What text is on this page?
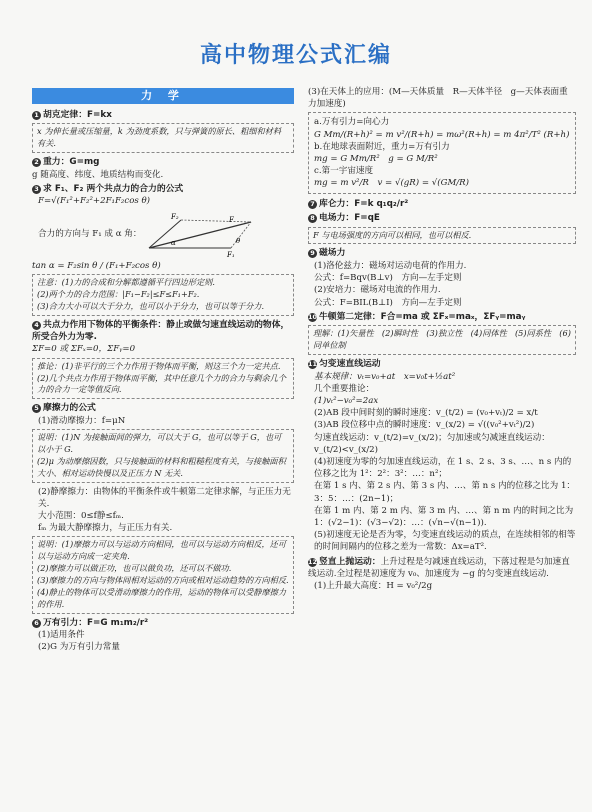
高中物理公式汇编
力 学
1 胡克定律：F=kx
x 为伸长量或压缩量，k 为劲度系数，只与弹簧的原长、粗细和材料有关.
2 重力：G=mg
g 随高度、纬度、地质结构而变化.
3 求 F₁、F₂ 两个共点力的合力的公式
F=√(F₁²+F₂²+2F₁F₂cos θ)
合力的方向与 F₁ 成 α 角：
F₂	F
F₁
α	θ
tan α = F₂sin θ / (F₁+F₂cos θ)
注意：(1)力的合成和分解都遵循平行四边形定则.
(2)两个力的合力范围：|F₁−F₂|≤F≤F₁+F₂.
(3)合力大小可以大于分力，也可以小于分力，也可以等于分力.
4 共点力作用下物体的平衡条件：静止或做匀速直线运动的物体，所受合外力为零.
ΣF=0 或 ΣFₓ=0，ΣFᵧ=0
推论：(1)非平行的三个力作用于物体而平衡，则这三个力一定共点.
(2)几个共点力作用于物体而平衡，其中任意几个力的合力与剩余几个力的合力一定等值反向.
5 摩擦力的公式
(1)滑动摩擦力：f=μN
说明：(1)N 为接触面间的弹力，可以大于 G，也可以等于 G，也可以小于 G.
(2)μ 为动摩擦因数，只与接触面的材料和粗糙程度有关，与接触面积大小、相对运动快慢以及正压力 N 无关.
(2)静摩擦力：由物体的平衡条件或牛顿第二定律求解，与正压力无关.
大小范围：0≤f静≤fₘ.
fₘ 为最大静摩擦力，与正压力有关.
说明：(1)摩擦力可以与运动方向相同，也可以与运动方向相反，还可以与运动方向成一定夹角.
(2)摩擦力可以做正功，也可以做负功，还可以不做功.
(3)摩擦力的方向与物体间相对运动的方向或相对运动趋势的方向相反.
(4)静止的物体可以受滑动摩擦力的作用，运动的物体可以受静摩擦力的作用.
6 万有引力：F=G m₁m₂/r²
(1)适用条件
(2)G 为万有引力常量
(3)在天体上的应用：(M—天体质量　R—天体半径　g—天体表面重力加速度)
a.万有引力=向心力
G Mm/(R+h)² = m v²/(R+h) = mω²(R+h) = m 4π²/T² (R+h)
b.在地球表面附近，重力=万有引力
mg = G Mm/R²　g = G M/R²
c.第一宇宙速度
mg = m v²/R　v = √(gR) = √(GM/R)
7 库仑力：F=k q₁q₂/r²
8 电场力：F=qE
F 与电场强度的方向可以相同，也可以相反.
9 磁场力
(1)洛伦兹力：磁场对运动电荷的作用力.
公式：f=Bqv(B⊥v)　方向—左手定则
(2)安培力：磁场对电流的作用力.
公式：F=BIL(B⊥I)　方向—左手定则
10 牛顿第二定律：F合=ma 或 ΣFₓ=maₓ，ΣFᵧ=maᵧ
理解：(1)矢量性　(2)瞬时性　(3)独立性　(4)同体性　(5)同系性　(6)同单位制
11 匀变速直线运动
基本规律：vₜ=v₀+at　x=v₀t+½at²
几个重要推论：
(1)vₜ²−v₀²=2ax
(2)AB 段中间时刻的瞬时速度：v_(t/2) = (v₀+vₜ)/2 = x/t
(3)AB 段位移中点的瞬时速度：v_(x/2) = √((v₀²+vₜ²)/2)
匀速直线运动：v_(t/2)=v_(x/2)；匀加速或匀减速直线运动：v_(t/2)<v_(x/2)
(4)初速度为零的匀加速直线运动，在 1 s、2 s、3 s、…、n s 内的位移之比为 1²：2²：3²：…：n²；
在第 1 s 内、第 2 s 内、第 3 s 内、…、第 n s 内的位移之比为 1：3：5：…：(2n−1)；
在第 1 m 内、第 2 m 内、第 3 m 内、…、第 n m 内的时间之比为 1：(√2−1)：(√3−√2)：…：(√n−√(n−1)).
(5)初速度无论是否为零，匀变速直线运动的质点，在连续相邻的相等的时间间隔内的位移之差为一常数：Δx=aT².
12 竖直上抛运动：上升过程是匀减速直线运动，下落过程是匀加速直线运动.全过程是初速度为 v₀、加速度为 −g 的匀变速直线运动.
(1)上升最大高度：H = v₀²/2g
